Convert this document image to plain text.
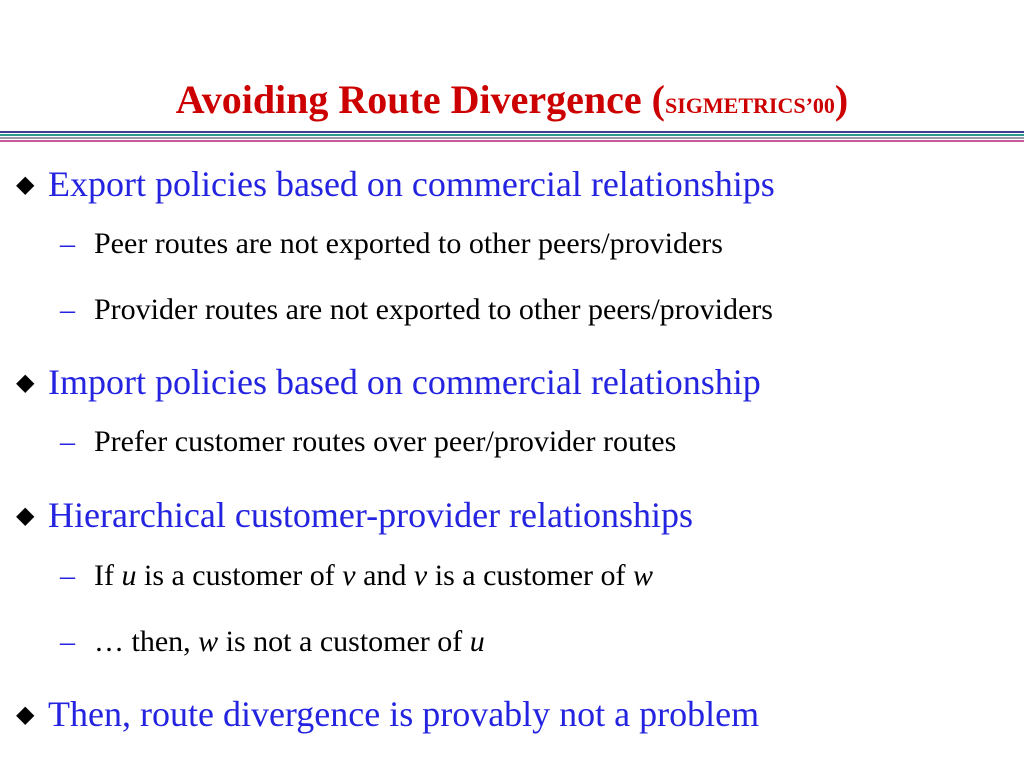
Avoiding Route Divergence (SIGMETRICS’00)
◆ Export policies based on commercial relationships
– Peer routes are not exported to other peers/providers
– Provider routes are not exported to other peers/providers
◆ Import policies based on commercial relationship
– Prefer customer routes over peer/provider routes
◆ Hierarchical customer-provider relationships
– If u is a customer of v and v is a customer of w
– … then, w is not a customer of u
◆ Then, route divergence is provably not a problem
